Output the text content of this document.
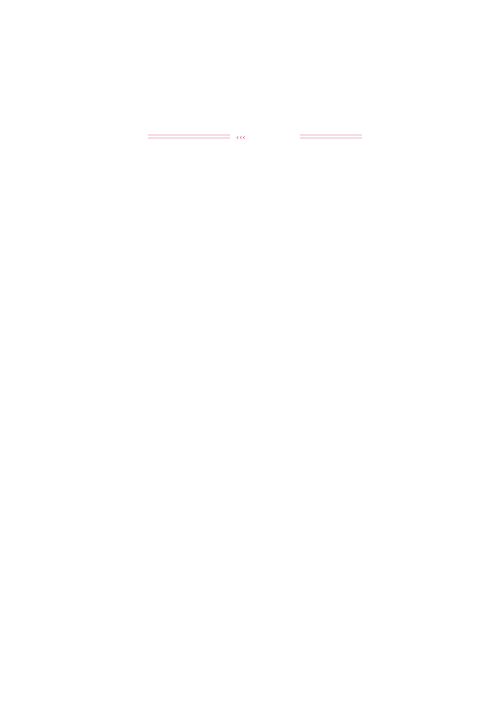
‹‹‹
